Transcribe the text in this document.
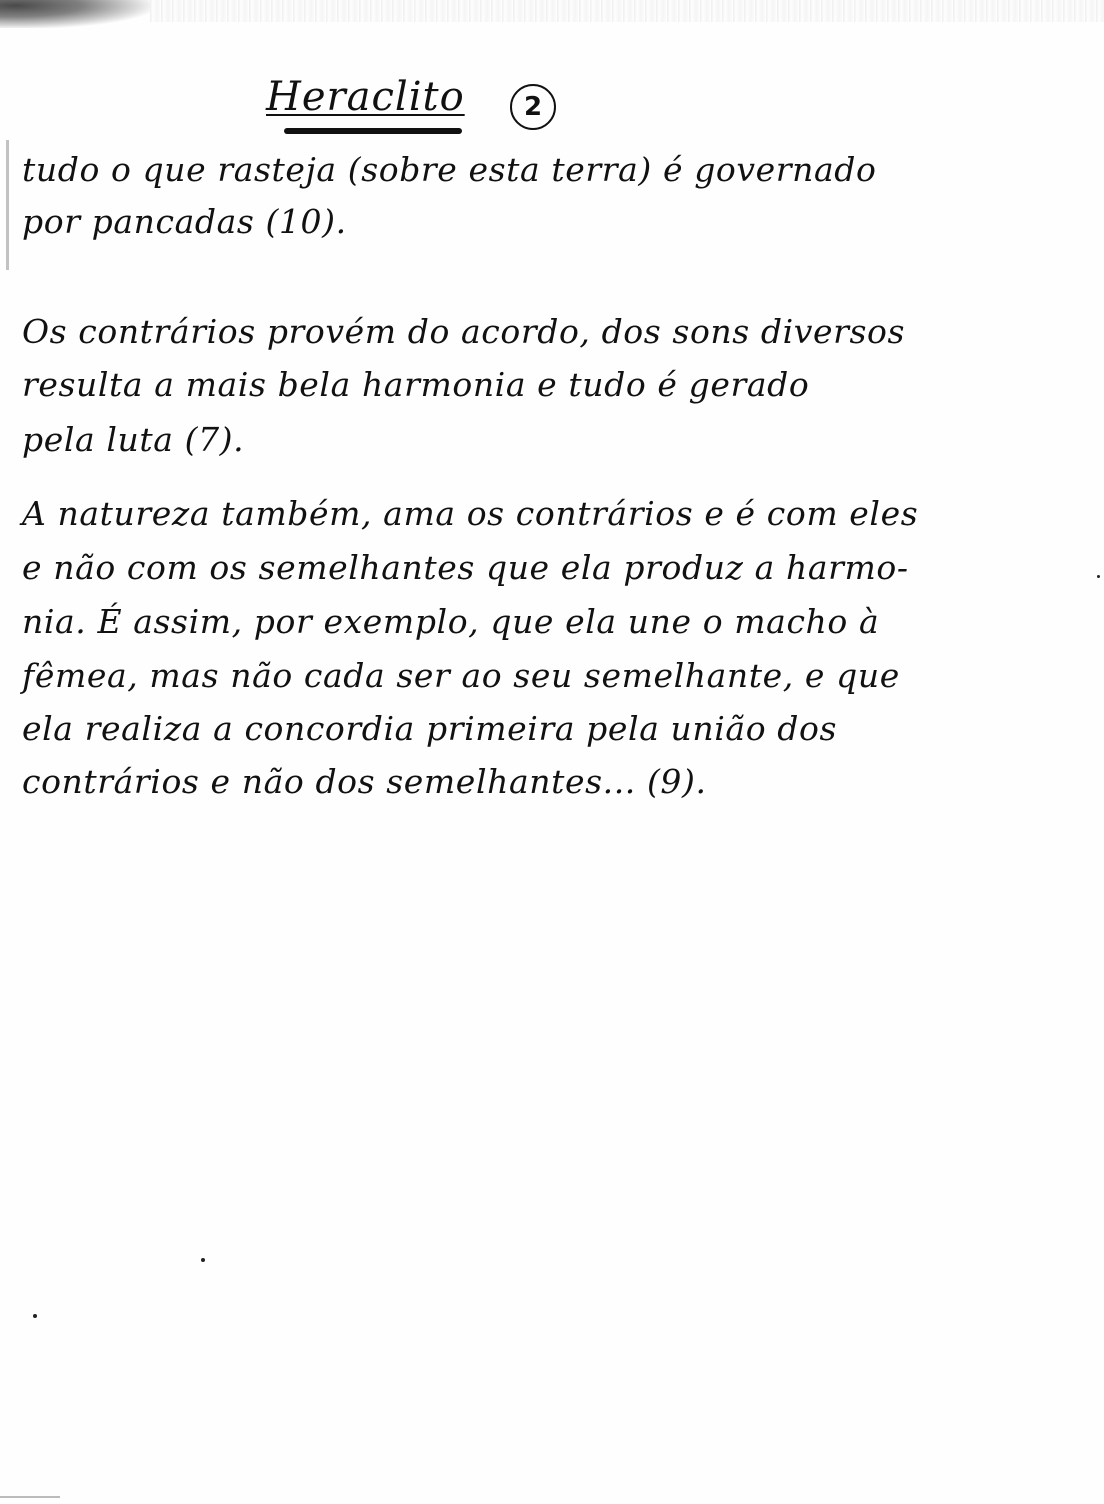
Heraclito	2
tudo o que rasteja (sobre esta terra) é governado
por pancadas (10).
Os contrários provém do acordo, dos sons diversos
resulta a mais bela harmonia e tudo é gerado
pela luta (7).
A natureza também, ama os contrários e é com eles
e não com os semelhantes que ela produz a harmo-
nia. É assim, por exemplo, que ela une o macho à
fêmea, mas não cada ser ao seu semelhante, e que
ela realiza a concordia primeira pela união dos
contrários e não dos semelhantes... (9).
